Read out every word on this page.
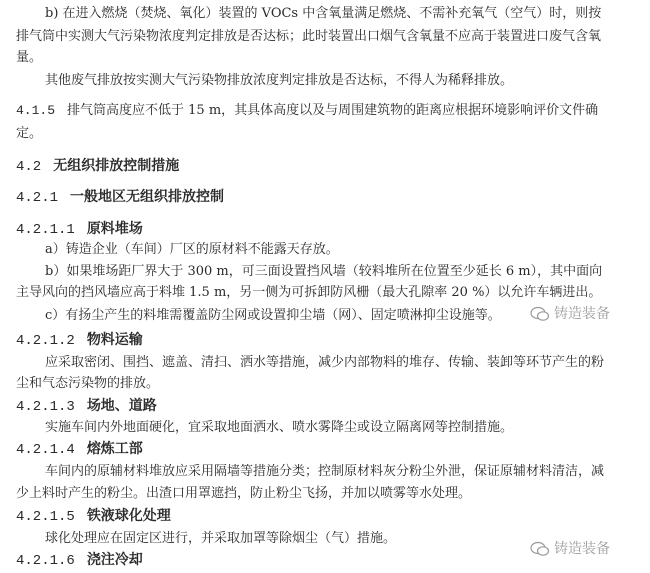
b) 在进入燃烧（焚烧、氧化）装置的 VOCs 中含氧量满足燃烧、不需补充氧气（空气）时，则按
排气筒中实测大气污染物浓度判定排放是否达标；此时装置出口烟气含氧量不应高于装置进口废气含氧
量。
其他废气排放按实测大气污染物排放浓度判定排放是否达标，不得人为稀释排放。
4.1.5 排气筒高度应不低于 15 m，其具体高度以及与周围建筑物的距离应根据环境影响评价文件确
定。
4.2 无组织排放控制措施
4.2.1 一般地区无组织排放控制
4.2.1.1 原料堆场
a）铸造企业（车间）厂区的原材料不能露天存放。
b）如果堆场距厂界大于 300 m，可三面设置挡风墙（较料堆所在位置至少延长 6 m），其中面向
主导风向的挡风墙应高于料堆 1.5 m，另一侧为可拆卸防风栅（最大孔隙率 20 %）以允许车辆进出。
c）有扬尘产生的料堆需覆盖防尘网或设置抑尘墙（网）、固定喷淋抑尘设施等。
4.2.1.2 物料运输
应采取密闭、围挡、遮盖、清扫、洒水等措施，减少内部物料的堆存、传输、装卸等环节产生的粉
尘和气态污染物的排放。
4.2.1.3 场地、道路
实施车间内外地面硬化，宜采取地面洒水、喷水雾降尘或设立隔离网等控制措施。
4.2.1.4 熔炼工部
车间内的原辅材料堆放应采用隔墙等措施分类；控制原材料灰分粉尘外泄，保证原辅材料清洁，减
少上料时产生的粉尘。出渣口用罩遮挡，防止粉尘飞扬，并加以喷雾等水处理。
4.2.1.5 铁液球化处理
球化处理应在固定区进行，并采取加罩等除烟尘（气）措施。
4.2.1.6 浇注冷却
铸造装备
铸造装备
